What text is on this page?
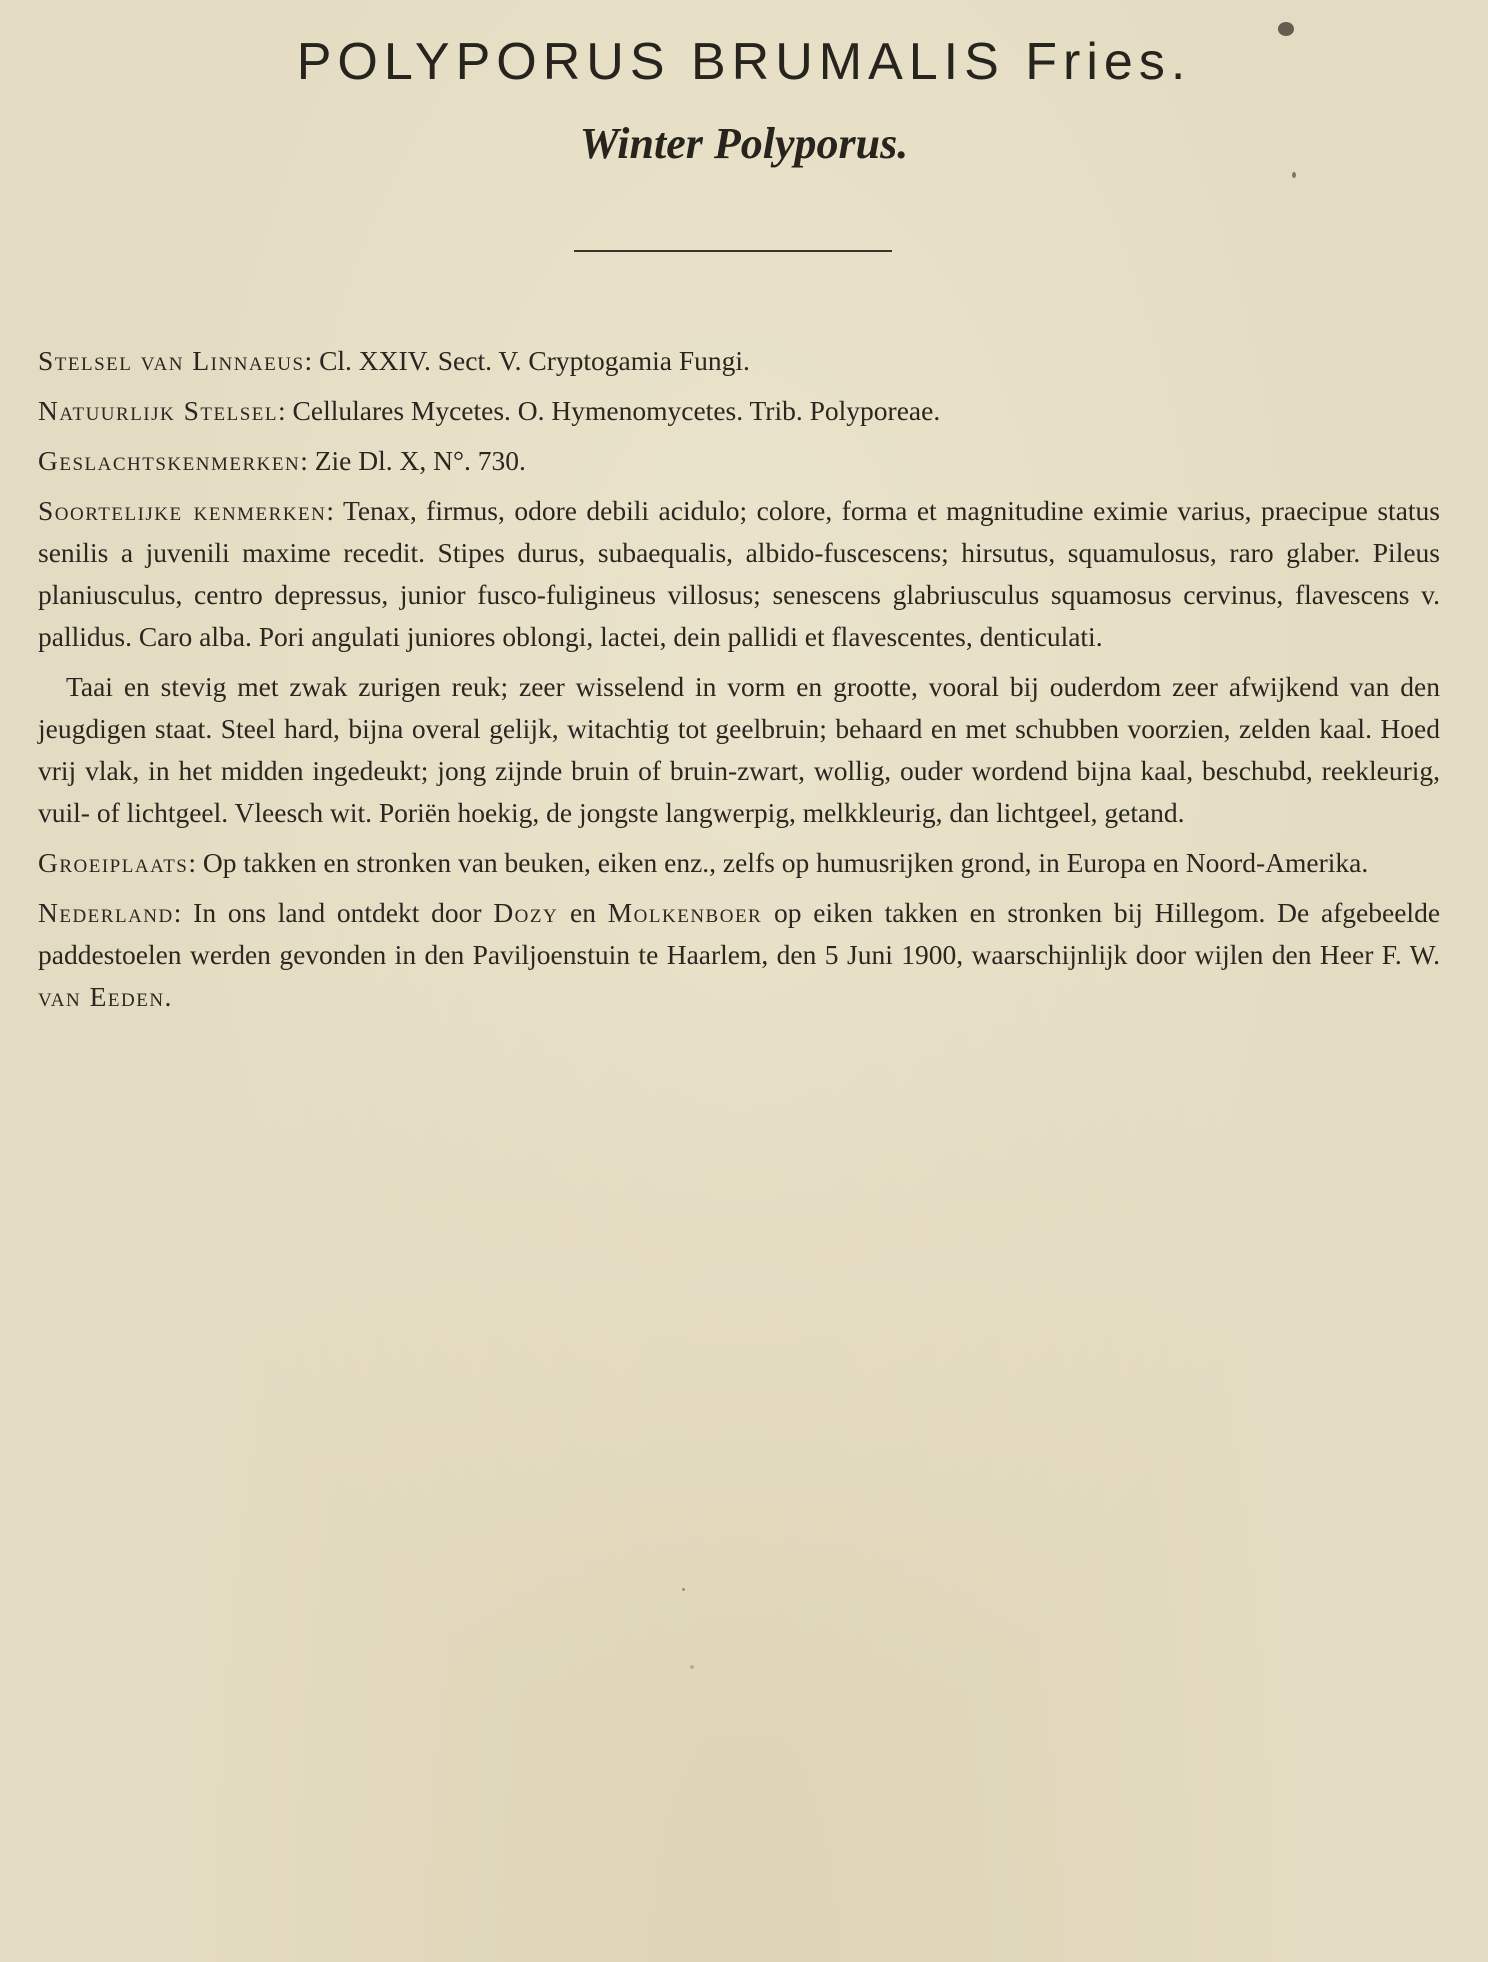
POLYPORUS BRUMALIS Fries.
Winter Polyporus.

Stelsel van Linnaeus: Cl. XXIV. Sect. V. Cryptogamia Fungi.

Natuurlijk Stelsel: Cellulares Mycetes. O. Hymenomycetes. Trib. Polyporeae.

Geslachtskenmerken: Zie Dl. X, N°. 730.

Soortelijke kenmerken: Tenax, firmus, odore debili acidulo; colore, forma et magnitudine eximie varius, praecipue status senilis a juvenili maxime recedit. Stipes durus, subaequalis, albido-fuscescens; hirsutus, squamulosus, raro glaber. Pileus planiusculus, centro depressus, junior fusco-fuligineus villosus; senescens glabriusculus squamosus cervinus, flavescens v. pallidus. Caro alba. Pori angulati juniores oblongi, lactei, dein pallidi et flavescentes, denticulati.

Taai en stevig met zwak zurigen reuk; zeer wisselend in vorm en grootte, vooral bij ouderdom zeer afwijkend van den jeugdigen staat. Steel hard, bijna overal gelijk, witachtig tot geelbruin; behaard en met schubben voorzien, zelden kaal. Hoed vrij vlak, in het midden ingedeukt; jong zijnde bruin of bruin-zwart, wollig, ouder wordend bijna kaal, beschubd, reekleurig, vuil- of lichtgeel. Vleesch wit. Poriën hoekig, de jongste langwerpig, melkkleurig, dan lichtgeel, getand.

Groeiplaats: Op takken en stronken van beuken, eiken enz., zelfs op humusrijken grond, in Europa en Noord-Amerika.

Nederland: In ons land ontdekt door Dozy en Molkenboer op eiken takken en stronken bij Hillegom. De afgebeelde paddestoelen werden gevonden in den Paviljoenstuin te Haarlem, den 5 Juni 1900, waarschijnlijk door wijlen den Heer F. W. van Eeden.
